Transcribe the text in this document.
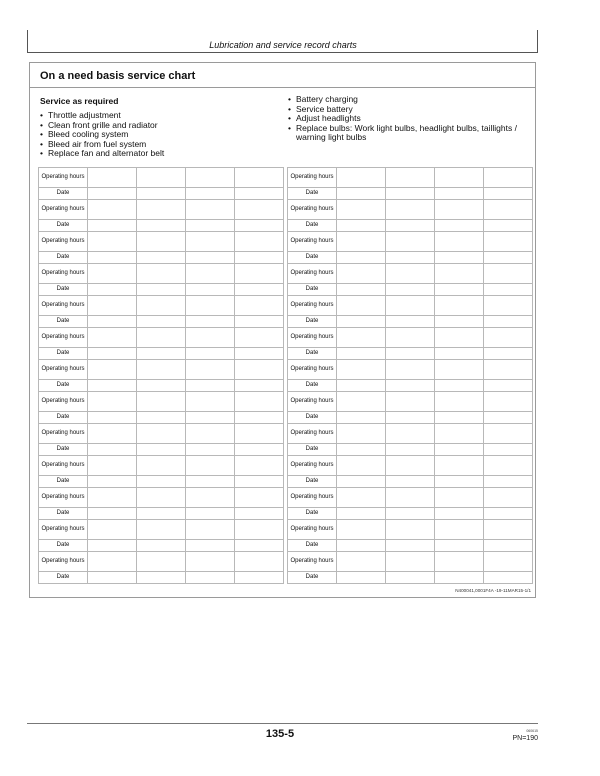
Lubrication and service record charts
On a need basis service chart
Service as required
• Throttle adjustment
• Clean front grille and radiator
• Bleed cooling system
• Bleed air from fuel system
• Replace fan and alternator belt
• Battery charging
• Service battery
• Adjust headlights
• Replace bulbs: Work light bulbs, headlight bulbs, taillights / warning light bulbs
Operating hours				
Date				
Operating hours				
Date				
Operating hours				
Date				
Operating hours				
Date				
Operating hours				
Date				
Operating hours				
Date				
Operating hours				
Date				
Operating hours				
Date				
Operating hours				
Date				
Operating hours				
Date				
Operating hours				
Date				
Operating hours				
Date				
Operating hours				
Date				
Operating hours				
Date				
Operating hours				
Date				
Operating hours				
Date				
Operating hours				
Date				
Operating hours				
Date				
Operating hours				
Date				
Operating hours				
Date				
Operating hours				
Date				
Operating hours				
Date				
Operating hours				
Date				
Operating hours				
Date				
Operating hours				
Date				
Operating hours				
Date				
N400041,0001F4A -19-11MAR15-1/1
135-5	060615
PN=190
